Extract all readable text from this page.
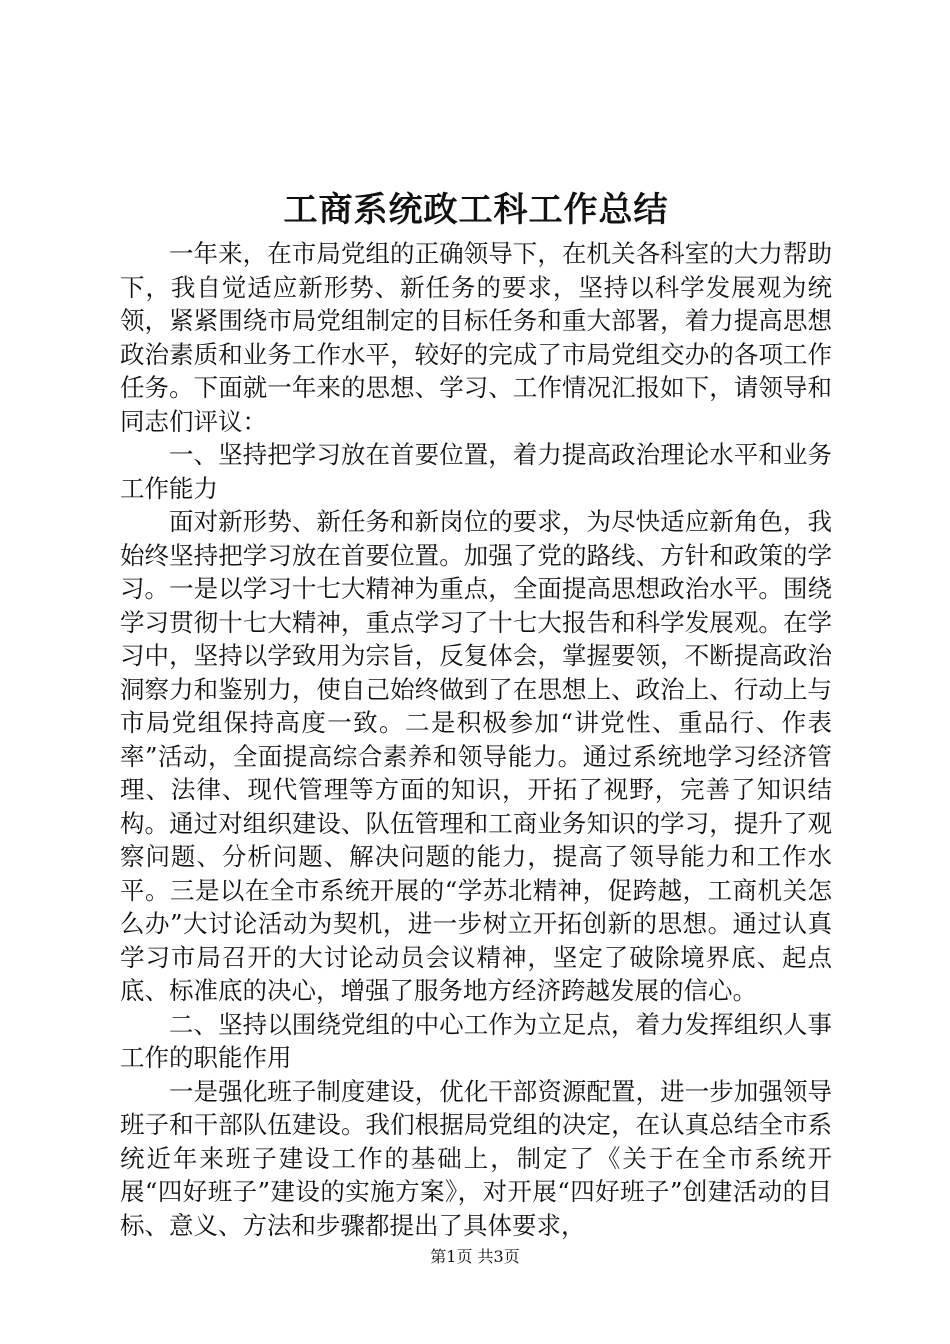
工商系统政工科工作总结

一年来，在市局党组的正确领导下，在机关各科室的大力帮助下，我自觉适应新形势、新任务的要求，坚持以科学发展观为统领，紧紧围绕市局党组制定的目标任务和重大部署，着力提高思想政治素质和业务工作水平，较好的完成了市局党组交办的各项工作任务。下面就一年来的思想、学习、工作情况汇报如下，请领导和同志们评议：

一、坚持把学习放在首要位置，着力提高政治理论水平和业务工作能力

面对新形势、新任务和新岗位的要求，为尽快适应新角色，我始终坚持把学习放在首要位置。加强了党的路线、方针和政策的学习。一是以学习十七大精神为重点，全面提高思想政治水平。围绕学习贯彻十七大精神，重点学习了十七大报告和科学发展观。在学习中，坚持以学致用为宗旨，反复体会，掌握要领，不断提高政治洞察力和鉴别力，使自己始终做到了在思想上、政治上、行动上与市局党组保持高度一致。二是积极参加“讲党性、重品行、作表率”活动，全面提高综合素养和领导能力。通过系统地学习经济管理、法律、现代管理等方面的知识，开拓了视野，完善了知识结构。通过对组织建设、队伍管理和工商业务知识的学习，提升了观察问题、分析问题、解决问题的能力，提高了领导能力和工作水平。三是以在全市系统开展的“学苏北精神，促跨越，工商机关怎么办”大讨论活动为契机，进一步树立开拓创新的思想。通过认真学习市局召开的大讨论动员会议精神，坚定了破除境界底、起点底、标准底的决心，增强了服务地方经济跨越发展的信心。

二、坚持以围绕党组的中心工作为立足点，着力发挥组织人事工作的职能作用

一是强化班子制度建设，优化干部资源配置，进一步加强领导班子和干部队伍建设。我们根据局党组的决定，在认真总结全市系统近年来班子建设工作的基础上，制定了《关于在全市系统开展“四好班子”建设的实施方案》，对开展“四好班子”创建活动的目标、意义、方法和步骤都提出了具体要求，

第1页 共3页
